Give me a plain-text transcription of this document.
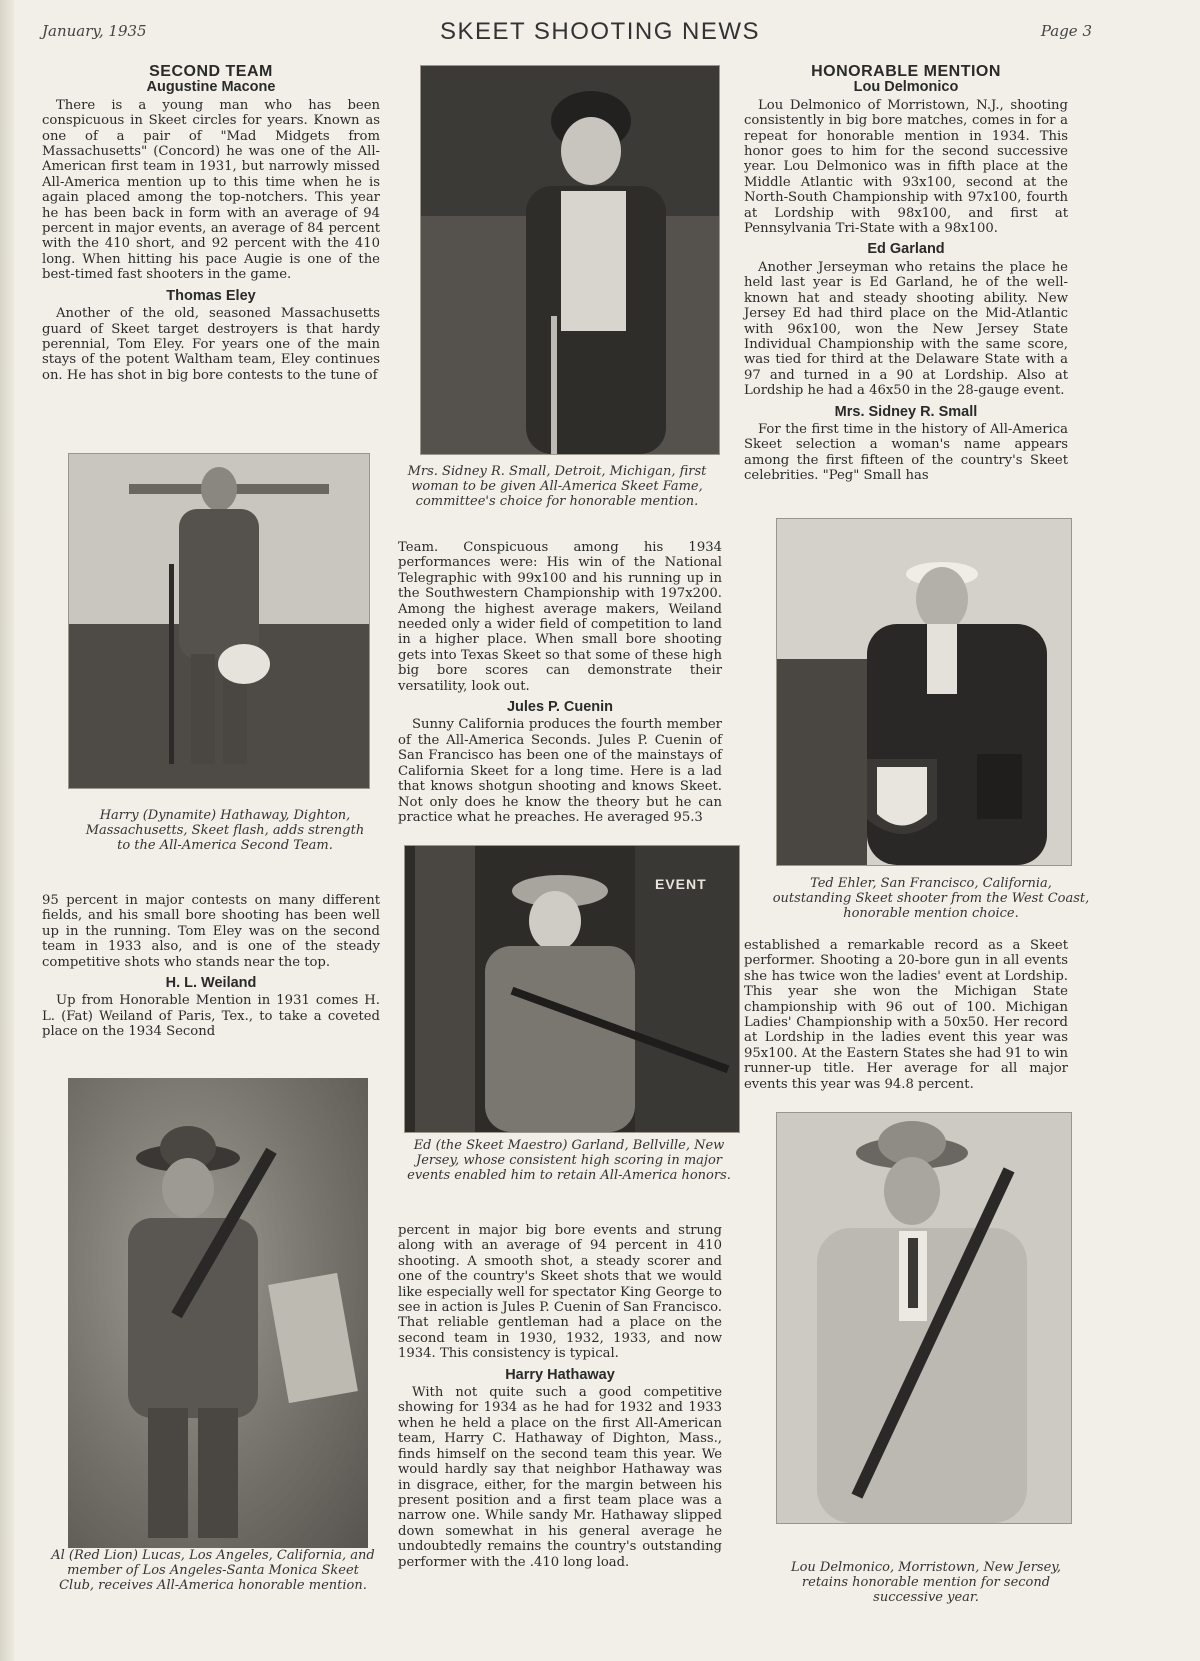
January, 1935	SKEET SHOOTING NEWS	Page 3
SECOND TEAM
Augustine Macone

There is a young man who has been conspicuous in Skeet circles for years. Known as one of a pair of "Mad Midgets from Massachusetts" (Concord) he was one of the All-American first team in 1931, but narrowly missed All-America mention up to this time when he is again placed among the top-notchers. This year he has been back in form with an average of 94 percent in major events, an average of 84 percent with the 410 short, and 92 percent with the 410 long. When hitting his pace Augie is one of the best-timed fast shooters in the game.

Thomas Eley

Another of the old, seasoned Massachusetts guard of Skeet target destroyers is that hardy perennial, Tom Eley. For years one of the main stays of the potent Waltham team, Eley continues on. He has shot in big bore contests to the tune of

Harry (Dynamite) Hathaway, Dighton, Massachusetts, Skeet flash, adds strength to the All-America Second Team.

95 percent in major contests on many different fields, and his small bore shooting has been well up in the running. Tom Eley was on the second team in 1933 also, and is one of the steady competitive shots who stands near the top.

H. L. Weiland

Up from Honorable Mention in 1931 comes H. L. (Fat) Weiland of Paris, Tex., to take a coveted place on the 1934 Second

Al (Red Lion) Lucas, Los Angeles, California, and member of Los Angeles-Santa Monica Skeet Club, receives All-America honorable mention.
Mrs. Sidney R. Small, Detroit, Michigan, first woman to be given All-America Skeet Fame, committee's choice for honorable mention.

Team. Conspicuous among his 1934 performances were: His win of the National Telegraphic with 99x100 and his running up in the Southwestern Championship with 197x200. Among the highest average makers, Weiland needed only a wider field of competition to land in a higher place. When small bore shooting gets into Texas Skeet so that some of these high big bore scores can demonstrate their versatility, look out.

Jules P. Cuenin

Sunny California produces the fourth member of the All-America Seconds. Jules P. Cuenin of San Francisco has been one of the mainstays of California Skeet for a long time. Here is a lad that knows shotgun shooting and knows Skeet. Not only does he know the theory but he can practice what he preaches. He averaged 95.3

EVENT
Ed (the Skeet Maestro) Garland, Bellville, New Jersey, whose consistent high scoring in major events enabled him to retain All-America honors.

percent in major big bore events and strung along with an average of 94 percent in 410 shooting. A smooth shot, a steady scorer and one of the country's Skeet shots that we would like especially well for spectator King George to see in action is Jules P. Cuenin of San Francisco. That reliable gentleman had a place on the second team in 1930, 1932, 1933, and now 1934. This consistency is typical.

Harry Hathaway

With not quite such a good competitive showing for 1934 as he had for 1932 and 1933 when he held a place on the first All-American team, Harry C. Hathaway of Dighton, Mass., finds himself on the second team this year. We would hardly say that neighbor Hathaway was in disgrace, either, for the margin between his present position and a first team place was a narrow one. While sandy Mr. Hathaway slipped down somewhat in his general average he undoubtedly remains the country's outstanding performer with the .410 long load.

HONORABLE MENTION
Lou Delmonico

Lou Delmonico of Morristown, N.J., shooting consistently in big bore matches, comes in for a repeat for honorable mention in 1934. This honor goes to him for the second successive year. Lou Delmonico was in fifth place at the Middle Atlantic with 93x100, second at the North-South Championship with 97x100, fourth at Lordship with 98x100, and first at Pennsylvania Tri-State with a 98x100.

Ed Garland

Another Jerseyman who retains the place he held last year is Ed Garland, he of the well-known hat and steady shooting ability. New Jersey Ed had third place on the Mid-Atlantic with 96x100, won the New Jersey State Individual Championship with the same score, was tied for third at the Delaware State with a 97 and turned in a 90 at Lordship. Also at Lordship he had a 46x50 in the 28-gauge event.

Mrs. Sidney R. Small

For the first time in the history of All-America Skeet selection a woman's name appears among the first fifteen of the country's Skeet celebrities. "Peg" Small has

Ted Ehler, San Francisco, California, outstanding Skeet shooter from the West Coast, honorable mention choice.

established a remarkable record as a Skeet performer. Shooting a 20-bore gun in all events she has twice won the ladies' event at Lordship. This year she won the Michigan State championship with 96 out of 100. Michigan Ladies' Championship with a 50x50. Her record at Lordship in the ladies event this year was 95x100. At the Eastern States she had 91 to win runner-up title. Her average for all major events this year was 94.8 percent.

Lou Delmonico, Morristown, New Jersey, retains honorable mention for second successive year.
